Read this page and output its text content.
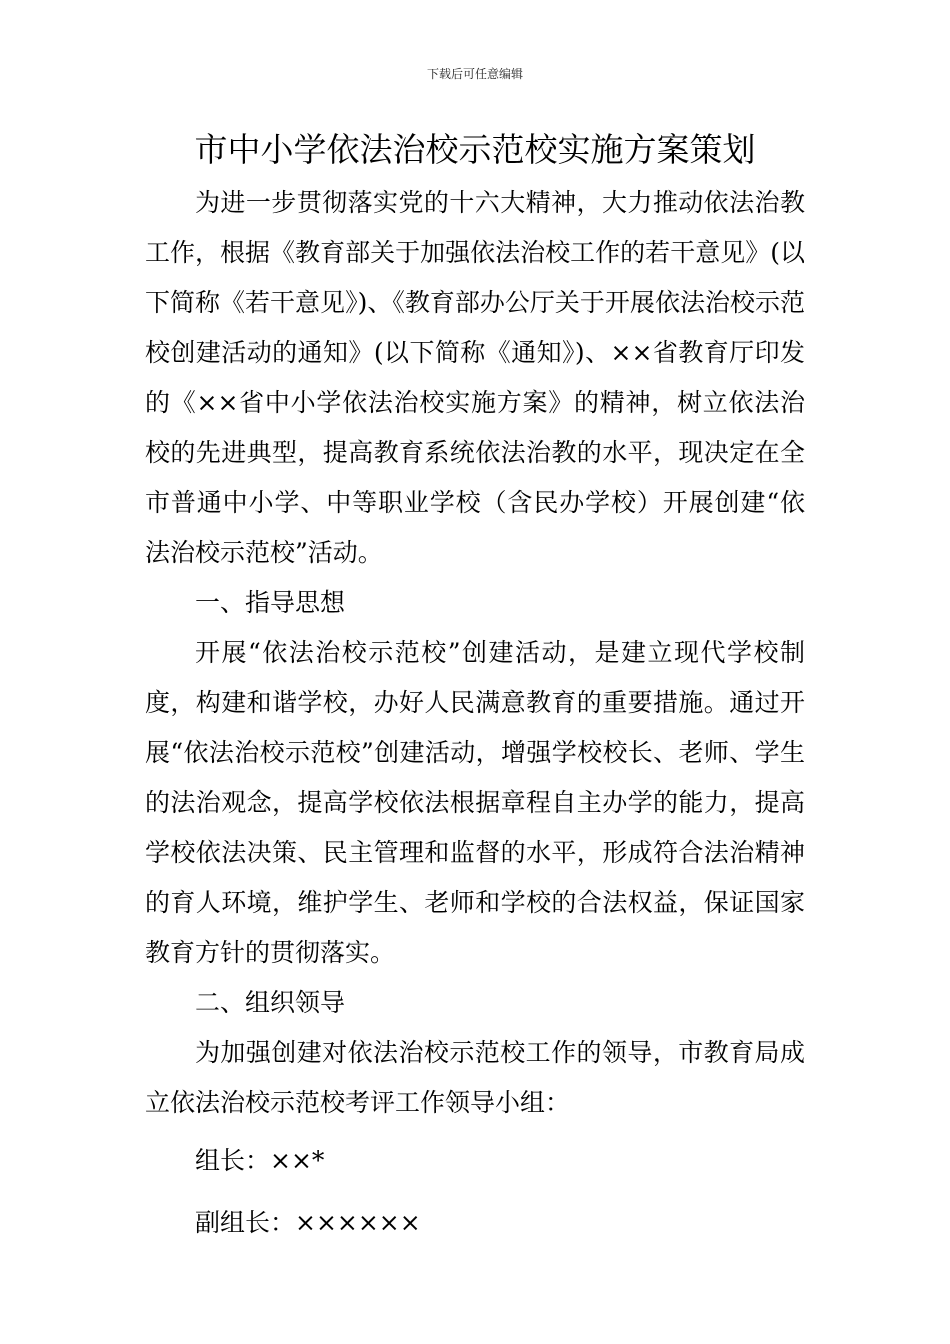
下载后可任意编辑
市中小学依法治校示范校实施方案策划

为进一步贯彻落实党的十六大精神，大力推动依法治教工作，根据《教育部关于加强依法治校工作的若干意见》(以下简称《若干意见》)、《教育部办公厅关于开展依法治校示范校创建活动的通知》(以下简称《通知》)、××省教育厅印发的《××省中小学依法治校实施方案》的精神，树立依法治校的先进典型，提高教育系统依法治教的水平，现决定在全市普通中小学、中等职业学校（含民办学校）开展创建“依法治校示范校”活动。

一、指导思想

开展“依法治校示范校”创建活动，是建立现代学校制度，构建和谐学校，办好人民满意教育的重要措施。通过开展“依法治校示范校”创建活动，增强学校校长、老师、学生的法治观念，提高学校依法根据章程自主办学的能力，提高学校依法决策、民主管理和监督的水平，形成符合法治精神的育人环境，维护学生、老师和学校的合法权益，保证国家教育方针的贯彻落实。

二、组织领导

为加强创建对依法治校示范校工作的领导，市教育局成立依法治校示范校考评工作领导小组：

组长：××*

副组长：××××××
